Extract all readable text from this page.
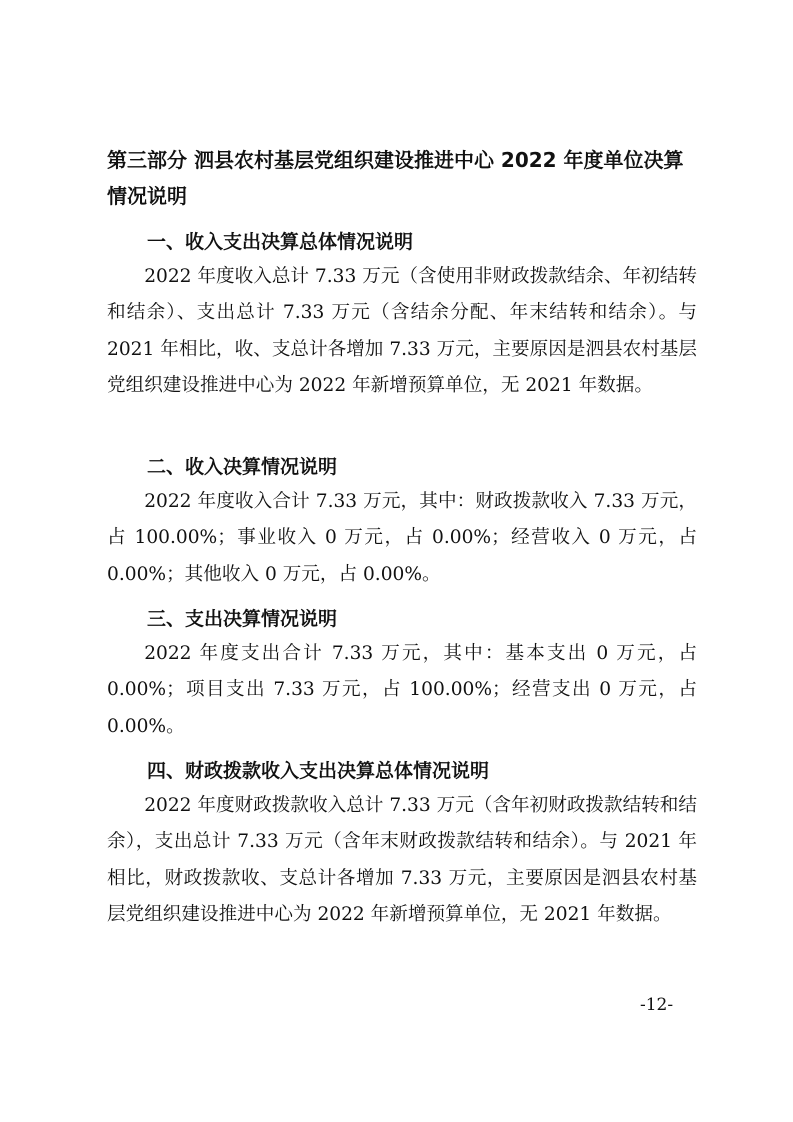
第三部分 泗县农村基层党组织建设推进中心 2022 年度单位决算情况说明
一、收入支出决算总体情况说明

2022 年度收入总计 7.33 万元（含使用非财政拨款结余、年初结转和结余）、支出总计 7.33 万元（含结余分配、年末结转和结余）。与 2021 年相比，收、支总计各增加 7.33 万元，主要原因是泗县农村基层党组织建设推进中心为 2022 年新增预算单位，无 2021 年数据。

二、收入决算情况说明

2022 年度收入合计 7.33 万元，其中：财政拨款收入 7.33 万元，占 100.00%；事业收入 0 万元，占 0.00%；经营收入 0 万元，占 0.00%；其他收入 0 万元，占 0.00%。

三、支出决算情况说明

2022 年度支出合计 7.33 万元，其中：基本支出 0 万元，占 0.00%；项目支出 7.33 万元，占 100.00%；经营支出 0 万元，占 0.00%。

四、财政拨款收入支出决算总体情况说明

2022 年度财政拨款收入总计 7.33 万元（含年初财政拨款结转和结余），支出总计 7.33 万元（含年末财政拨款结转和结余）。与 2021 年相比，财政拨款收、支总计各增加 7.33 万元，主要原因是泗县农村基层党组织建设推进中心为 2022 年新增预算单位，无 2021 年数据。

-12-
